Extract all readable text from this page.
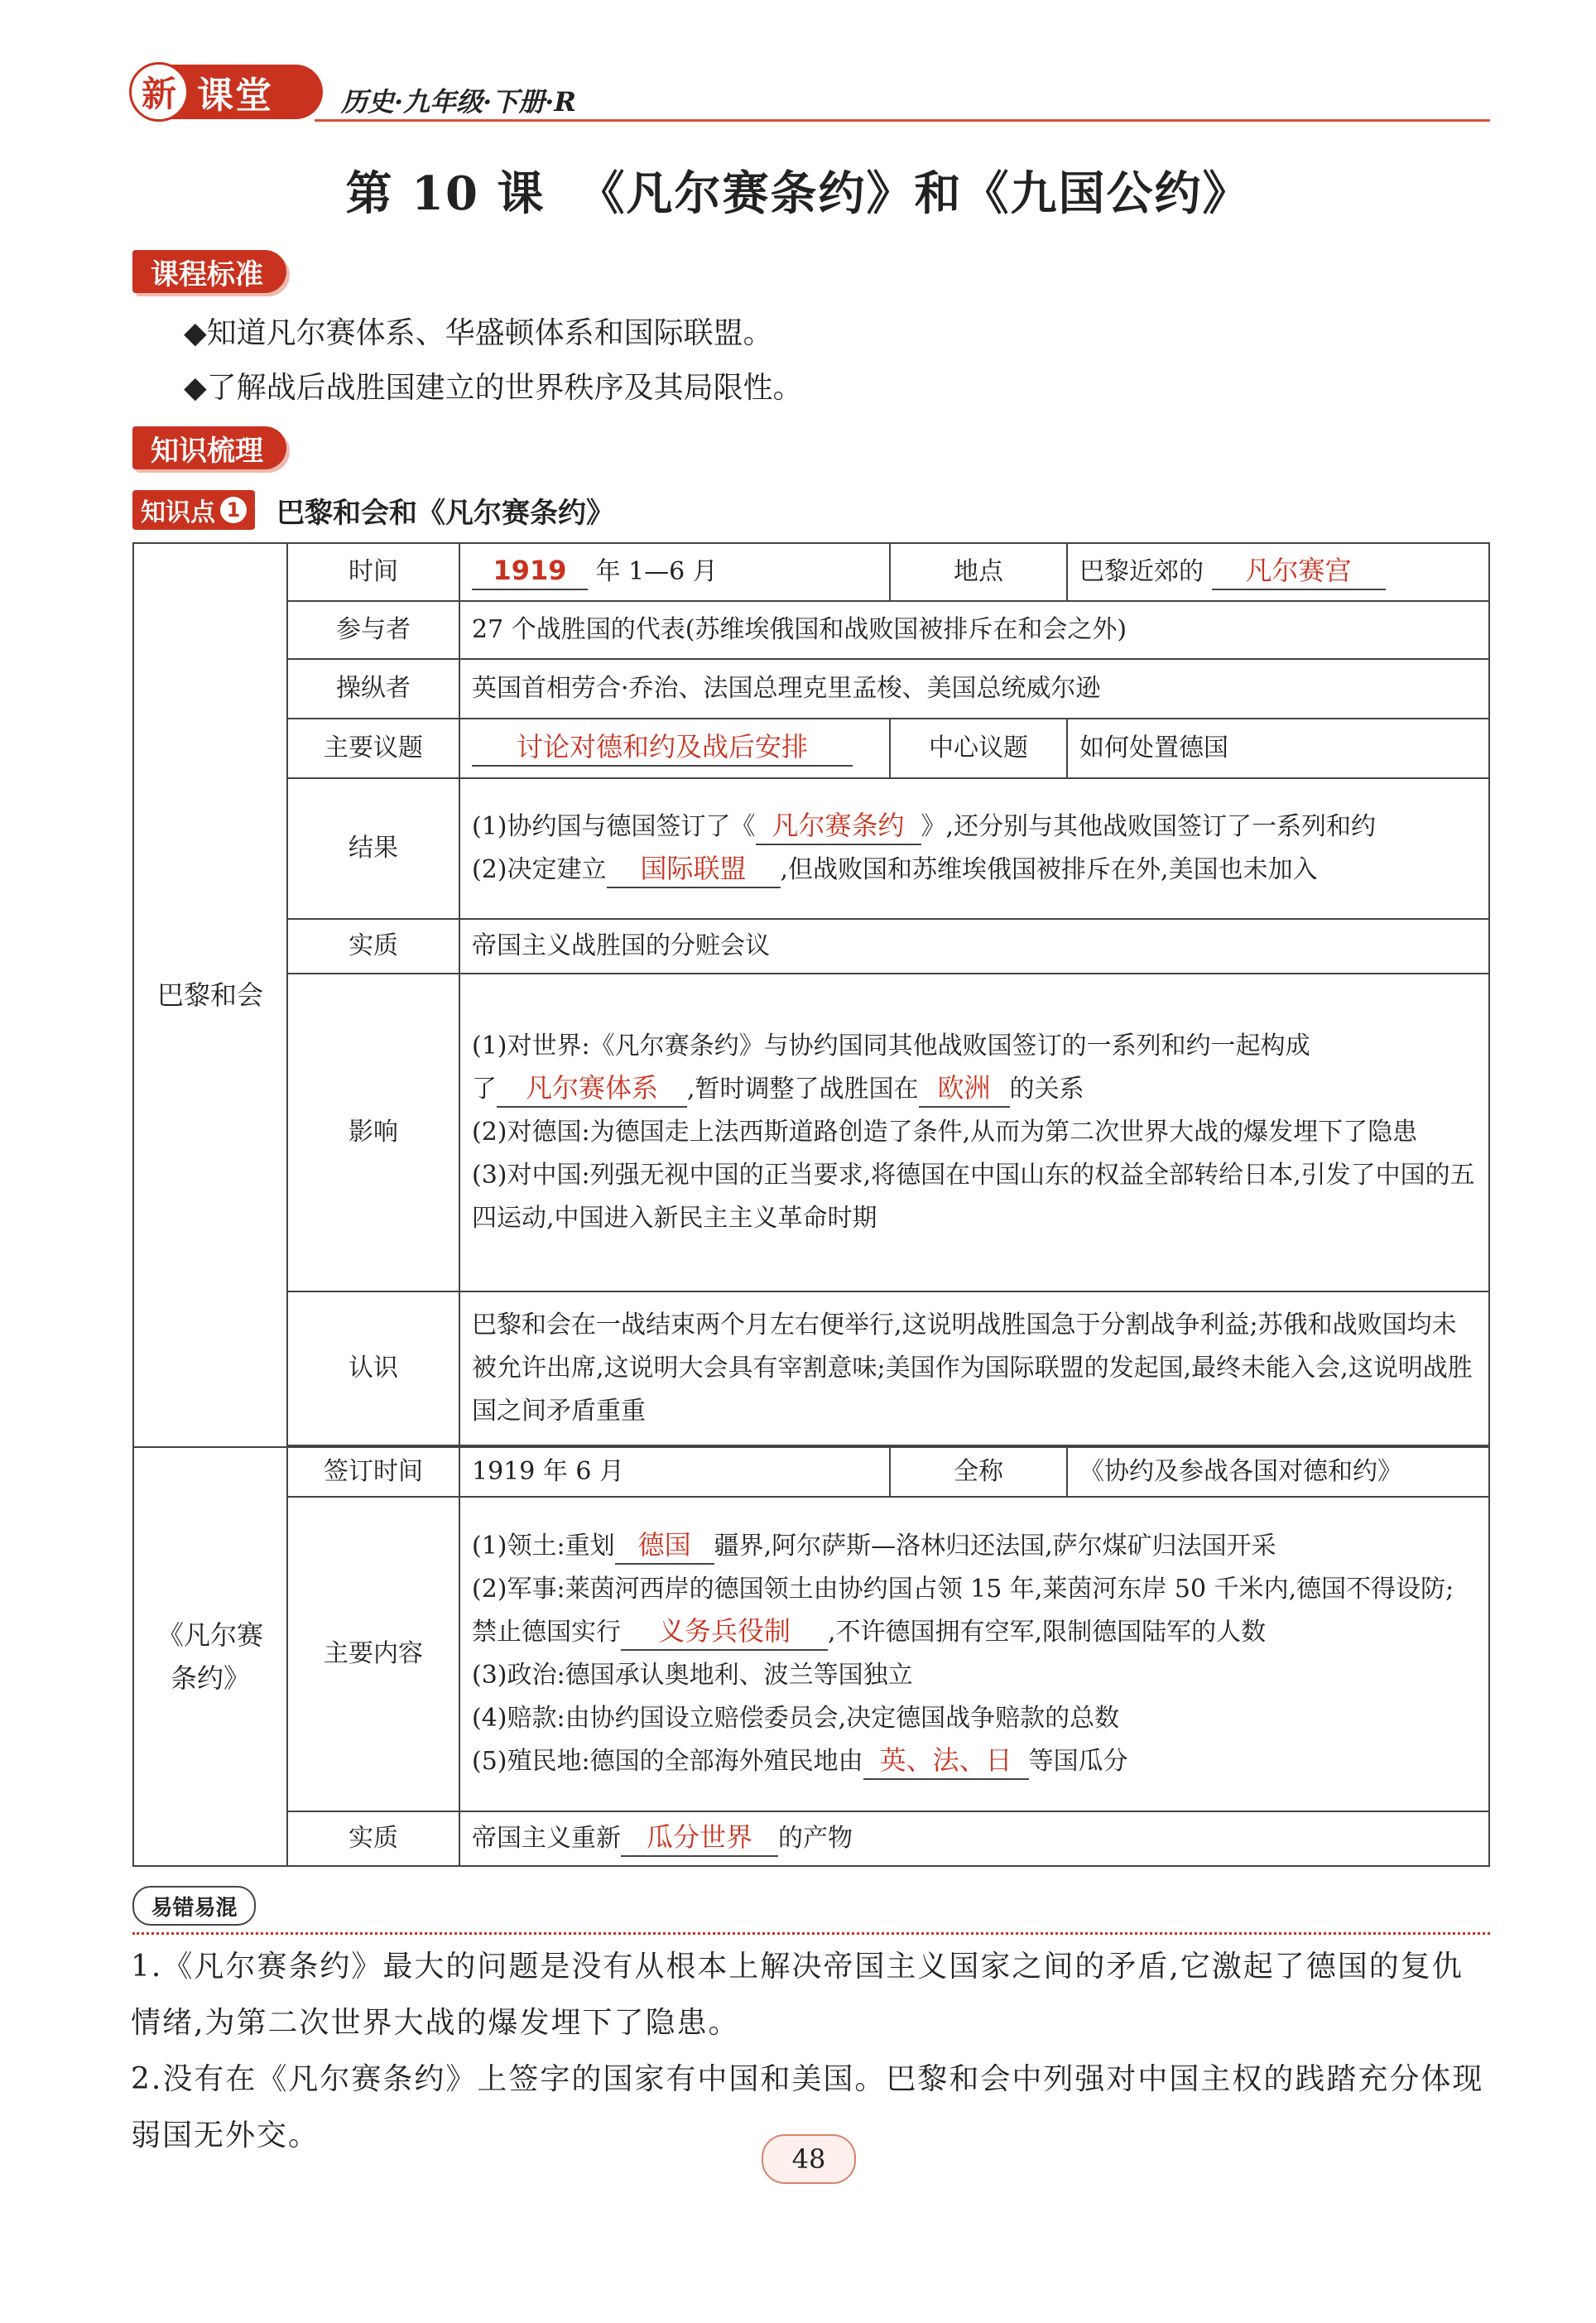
新 课堂	历史·九年级·下册·R
第 10 课 《凡尔赛条约》和《九国公约》
课程标准
◆知道凡尔赛体系、华盛顿体系和国际联盟。
◆了解战后战胜国建立的世界秩序及其局限性。
知识梳理
知识点 1 巴黎和会和《凡尔赛条约》
巴黎和会	时间	1919 年 1—6 月	地点	巴黎近郊的 凡尔赛宫
	参与者	27 个战胜国的代表(苏维埃俄国和战败国被排斥在和会之外)		
	操纵者	英国首相劳合·乔治、法国总理克里孟梭、美国总统威尔逊		
	主要议题	讨论对德和约及战后安排	中心议题	如何处置德国
	结果	(1)协约国与德国签订了《 凡尔赛条约 》,还分别与其他战败国签订了一系列和约
(2)决定建立 国际联盟 ,但战败国和苏维埃俄国被排斥在外,美国也未加入		

	实质	帝国主义战胜国的分赃会议		
	影响	(1)对世界:《凡尔赛条约》与协约国同其他战败国签订的一系列和约一起构成
了 凡尔赛体系 ,暂时调整了战胜国在 欧洲 的关系
(2)对德国:为德国走上法西斯道路创造了条件,从而为第二次世界大战的爆发埋下了隐患
(3)对中国:列强无视中国的正当要求,将德国在中国山东的权益全部转给日本,引发了中国的五四运动,中国进入新民主主义革命时期		

	认识	巴黎和会在一战结束两个月左右便举行,这说明战胜国急于分割战争利益;苏俄和战败国均未被允许出席,这说明大会具有宰割意味;美国作为国际联盟的发起国,最终未能入会,这说明战胜国之间矛盾重重		

《凡尔赛条约》	签订时间	1919 年 6 月	全称	《协约及参战各国对德和约》
	主要内容	(1)领土:重划 德国 疆界,阿尔萨斯—洛林归还法国,萨尔煤矿归法国开采
(2)军事:莱茵河西岸的德国领土由协约国占领 15 年,莱茵河东岸 50 千米内,德国不得设防;禁止德国实行 义务兵役制 ,不许德国拥有空军,限制德国陆军的人数
(3)政治:德国承认奥地利、波兰等国独立
(4)赔款:由协约国设立赔偿委员会,决定德国战争赔款的总数
(5)殖民地:德国的全部海外殖民地由 英、法、日 等国瓜分		

	实质	帝国主义重新 瓜分世界 的产物		
易错易混
1.《凡尔赛条约》最大的问题是没有从根本上解决帝国主义国家之间的矛盾,它激起了德国的复仇情绪,为第二次世界大战的爆发埋下了隐患。
2.没有在《凡尔赛条约》上签字的国家有中国和美国。巴黎和会中列强对中国主权的践踏充分体现弱国无外交。
48
